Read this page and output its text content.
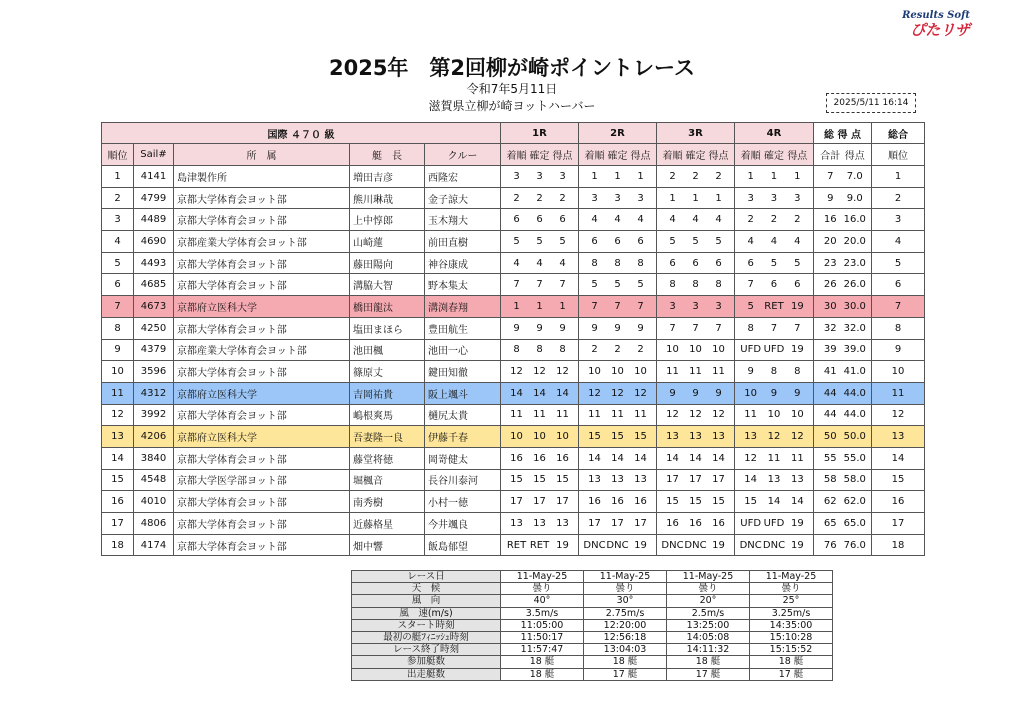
Results Soft
ぴたリザ
2025年　第2回柳が崎ポイントレース
令和7年5月11日
滋賀県立柳が崎ヨットハーバー	2025/5/11 16:14
国際 ４７０ 級					1R	2R	3R	4R	総 得 点	総合
順位	Sail#	所　属	艇　長	クルー	着順 確定 得点	着順 確定 得点	着順 確定 得点	着順 確定 得点	合計 得点	順位
1	4141	島津製作所	増田吉彦	西隆宏	3 3 3	1 1 1	2 2 2	1 1 1	7 7.0	1
2	4799	京都大学体育会ヨット部	熊川琳哉	金子諒大	2 2 2	3 3 3	1 1 1	3 3 3	9 9.0	2
3	4489	京都大学体育会ヨット部	上中惇郎	玉木翔大	6 6 6	4 4 4	4 4 4	2 2 2	16 16.0	3
4	4690	京都産業大学体育会ヨット部	山崎蓮	前田直樹	5 5 5	6 6 6	5 5 5	4 4 4	20 20.0	4
5	4493	京都大学体育会ヨット部	藤田陽向	神谷康成	4 4 4	8 8 8	6 6 6	6 5 5	23 23.0	5
6	4685	京都大学体育会ヨット部	溝脇大智	野本集太	7 7 7	5 5 5	8 8 8	7 6 6	26 26.0	6
7	4673	京都府立医科大学	橋田龍汰	溝渕春翔	1 1 1	7 7 7	3 3 3	5 RET 19	30 30.0	7
8	4250	京都大学体育会ヨット部	塩田まほら	豊田航生	9 9 9	9 9 9	7 7 7	8 7 7	32 32.0	8
9	4379	京都産業大学体育会ヨット部	池田楓	池田一心	8 8 8	2 2 2	10 10 10	UFD UFD 19	39 39.0	9
10	3596	京都大学体育会ヨット部	篠原丈	鍵田知徹	12 12 12	10 10 10	11 11 11	9 8 8	41 41.0	10
11	4312	京都府立医科大学	吉岡祐貴	阪上颯斗	14 14 14	12 12 12	9 9 9	10 9 9	44 44.0	11
12	3992	京都大学体育会ヨット部	嶋根爽馬	樋尻太貴	11 11 11	11 11 11	12 12 12	11 10 10	44 44.0	12
13	4206	京都府立医科大学	吾妻隆一良	伊藤千春	10 10 10	15 15 15	13 13 13	13 12 12	50 50.0	13
14	3840	京都大学体育会ヨット部	藤堂将徳	岡嵜健太	16 16 16	14 14 14	14 14 14	12 11 11	55 55.0	14
15	4548	京都大学医学部ヨット部	堀楓音	長谷川泰河	15 15 15	13 13 13	17 17 17	14 13 13	58 58.0	15
16	4010	京都大学体育会ヨット部	南秀樹	小村一徳	17 17 17	16 16 16	15 15 15	15 14 14	62 62.0	16
17	4806	京都大学体育会ヨット部	近藤格星	今井颯良	13 13 13	17 17 17	16 16 16	UFD UFD 19	65 65.0	17
18	4174	京都大学体育会ヨット部	畑中響	飯島郁望	RET RET 19	DNC DNC 19	DNC DNC 19	DNC DNC 19	76 76.0	18
レース日	11-May-25	11-May-25	11-May-25	11-May-25
天　候	曇り	曇り	曇り	曇り
風　向	40°	30°	20°	25°
風　速(m/s)	3.5m/s	2.75m/s	2.5m/s	3.25m/s
スタート時刻	11:05:00	12:20:00	13:25:00	14:35:00
最初の艇ﾌｨﾆｯｼｭ時刻	11:50:17	12:56:18	14:05:08	15:10:28
レース終了時刻	11:57:47	13:04:03	14:11:32	15:15:52
参加艇数	18 艇	18 艇	18 艇	18 艇
出走艇数	18 艇	17 艇	17 艇	17 艇
